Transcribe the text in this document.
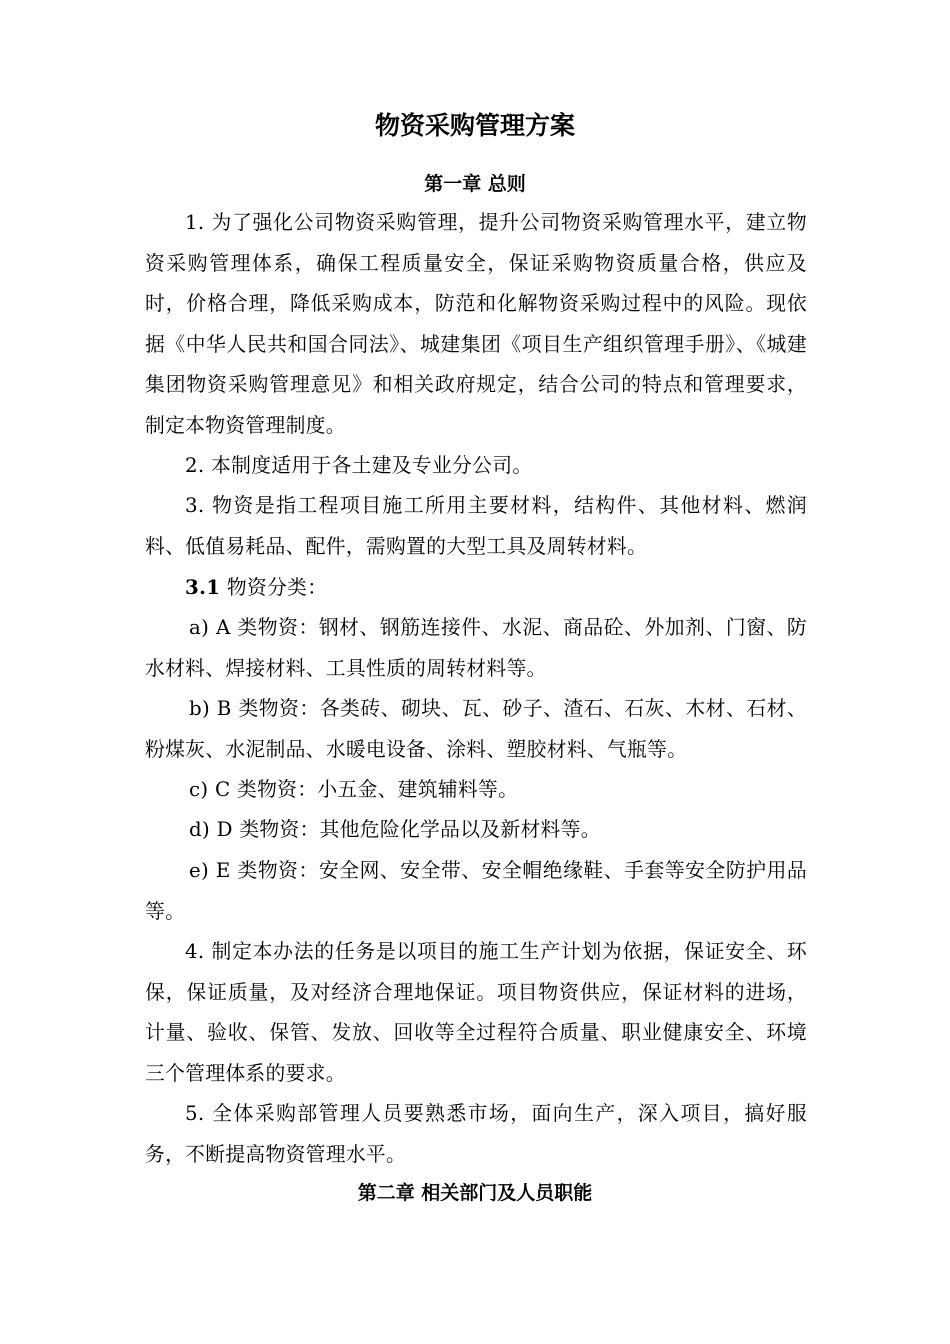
物资采购管理方案
第一章 总则
1. 为了强化公司物资采购管理，提升公司物资采购管理水平，建立物资采购管理体系，确保工程质量安全，保证采购物资质量合格，供应及时，价格合理，降低采购成本，防范和化解物资采购过程中的风险。现依据《中华人民共和国合同法》、城建集团《项目生产组织管理手册》、《城建集团物资采购管理意见》和相关政府规定，结合公司的特点和管理要求，制定本物资管理制度。
2. 本制度适用于各土建及专业分公司。
3. 物资是指工程项目施工所用主要材料，结构件、其他材料、燃润料、低值易耗品、配件，需购置的大型工具及周转材料。
3.1 物资分类：
a) A 类物资：钢材、钢筋连接件、水泥、商品砼、外加剂、门窗、防水材料、焊接材料、工具性质的周转材料等。
b) B 类物资：各类砖、砌块、瓦、砂子、渣石、石灰、木材、石材、粉煤灰、水泥制品、水暖电设备、涂料、塑胶材料、气瓶等。
c) C 类物资：小五金、建筑辅料等。
d) D 类物资：其他危险化学品以及新材料等。
e) E 类物资：安全网、安全带、安全帽绝缘鞋、手套等安全防护用品等。
4. 制定本办法的任务是以项目的施工生产计划为依据，保证安全、环保，保证质量，及对经济合理地保证。项目物资供应，保证材料的进场，计量、验收、保管、发放、回收等全过程符合质量、职业健康安全、环境三个管理体系的要求。
5. 全体采购部管理人员要熟悉市场，面向生产，深入项目，搞好服务，不断提高物资管理水平。
第二章 相关部门及人员职能
